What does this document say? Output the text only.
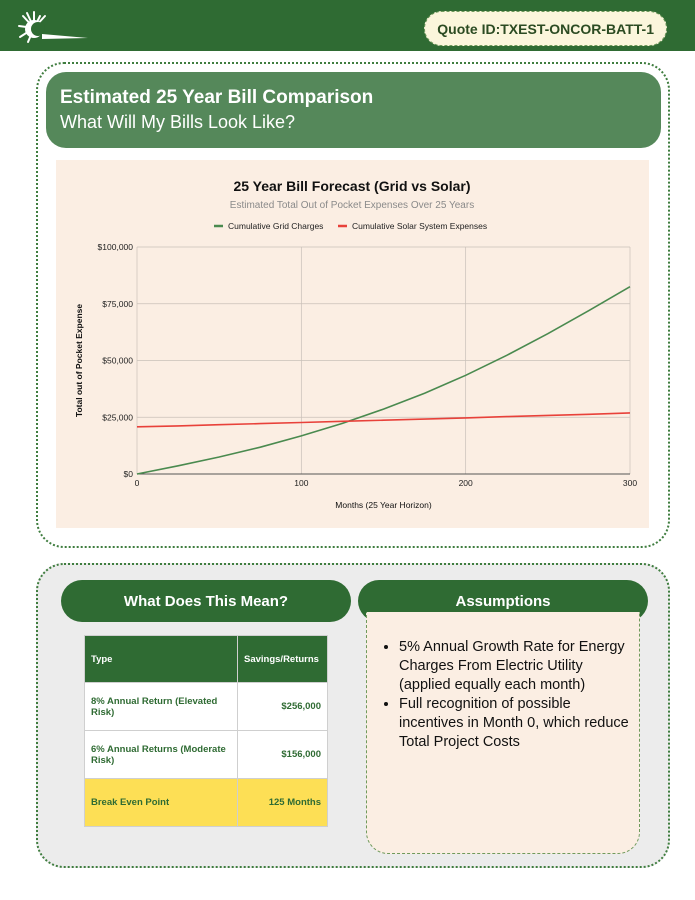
Quote ID:TXEST-ONCOR-BATT-1
Estimated 25 Year Bill Comparison
What Will My Bills Look Like?
25 Year Bill Forecast (Grid vs Solar)
Estimated Total Out of Pocket Expenses Over 25 Years
Cumulative Grid Charges	Cumulative Solar System Expenses
$0
$25,000
$50,000
$75,000
$100,000
0	100	200	300
Months (25 Year Horizon)
Total out of Pocket Expense
What Does This Mean?	Assumptions
Type	Savings/Returns
8% Annual Return (Elevated Risk)	$256,000
6% Annual Returns (Moderate Risk)	$156,000
Break Even Point	125 Months
• 5% Annual Growth Rate for Energy Charges From Electric Utility (applied equally each month)
• Full recognition of possible incentives in Month 0, which reduce Total Project Costs
